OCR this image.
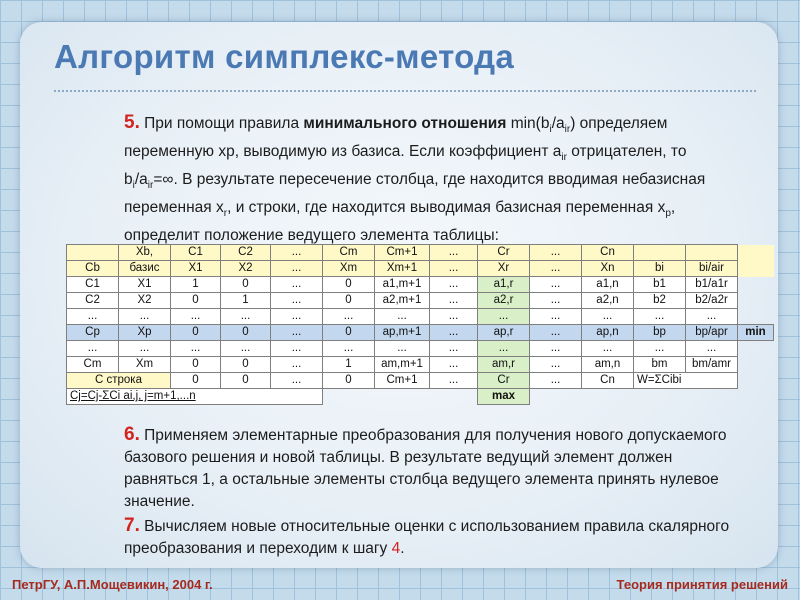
Алгоритм симплекс-метода
5. При помощи правила минимального отношения $\min(b_i/a_{ir})$ определяем переменную xр, выводимую из базиса. Если коэффициент $a_{ir}$ отрицателен, то $b_i/a_{ir}=\infty$. В результате пересечение столбца, где находится вводимая небазисная переменная $x_r$, и строки, где находится выводимая базисная переменная $x_p$, определит положение ведущего элемента таблицы:
	Xb,	C1	C2	...	Cm	Cm+1	...	Cr	...	Cn			
Cb	базис	X1	X2	...	Xm	Xm+1	...	Xr	...	Xn	bi	bi/air	
C1	X1	1	0	...	0	a1,m+1	...	a1,r	...	a1,n	b1	b1/a1r	
C2	X2	0	1	...	0	a2,m+1	...	a2,r	...	a2,n	b2	b2/a2r	
...	...	...	...	...	...	...	...	...	...	...	...	...	
Cp	Xp	0	0	...	0	ap,m+1	...	ap,r	...	ap,n	bp	bp/apr	min
...	...	...	...	...	...	...	...	...	...	...	...	...	
Cm	Xm	0	0	...	1	am,m+1	...	am,r	...	am,n	bm	bm/amr	
С строка		0	0	...	0	Cm+1	...	Cr	...	Cn	W=ΣCibi		
Cj=Cj-ΣCi ai,j, j=m+1,...n								max					
6. Применяем элементарные преобразования для получения нового допускаемого базового решения и новой таблицы. В результате ведущий элемент должен равняться 1, а остальные элементы столбца ведущего элемента принять нулевое значение.
7. Вычисляем новые относительные оценки с использованием правила скалярного преобразования и переходим к шагу 4.
ПетрГУ, А.П.Мощевикин, 2004 г.	Теория принятия решений
